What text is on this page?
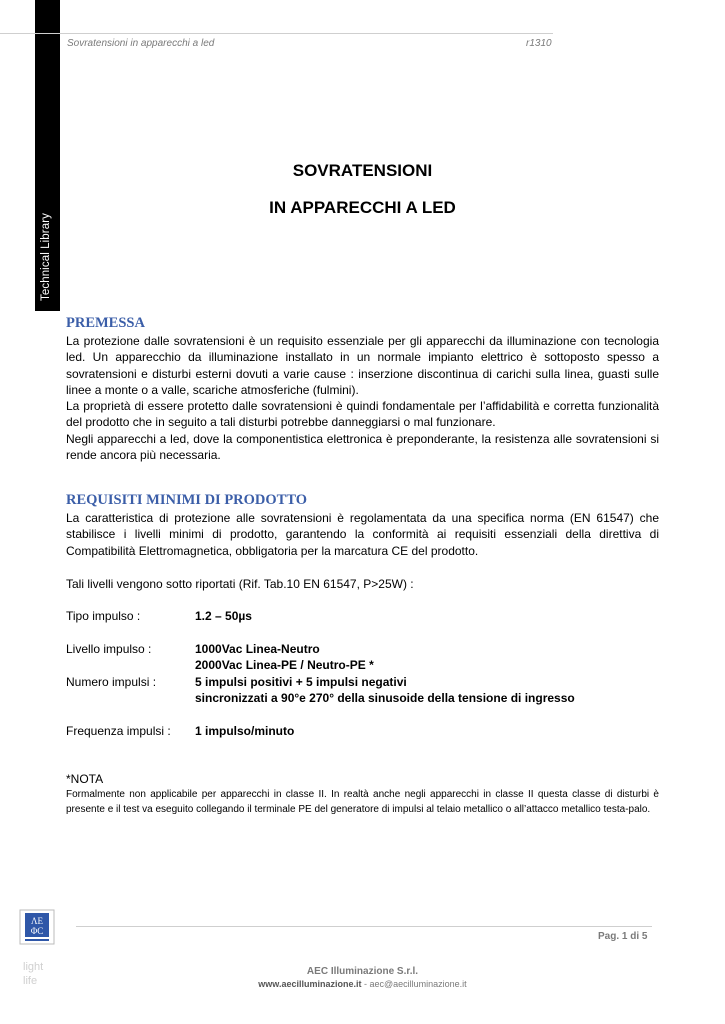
Technical Library
Sovratensioni in apparecchi a led	r1310
SOVRATENSIONI
IN APPARECCHI A LED
PREMESSA

La protezione dalle sovratensioni è un requisito essenziale per gli apparecchi da illuminazione con tecnologia led. Un apparecchio da illuminazione installato in un normale impianto elettrico è sottoposto spesso a sovratensioni e disturbi esterni dovuti a varie cause : inserzione discontinua di carichi sulla linea, guasti sulle linee a monte o a valle, scariche atmosferiche (fulmini).

La proprietà di essere protetto dalle sovratensioni è quindi fondamentale per l’affidabilità e corretta funzionalità del prodotto che in seguito a tali disturbi potrebbe danneggiarsi o mal funzionare.

Negli apparecchi a led, dove la componentistica elettronica è preponderante, la resistenza alle sovratensioni si rende ancora più necessaria.

REQUISITI MINIMI DI PRODOTTO
La caratteristica di protezione alle sovratensioni è regolamentata da una specifica norma (EN 61547) che stabilisce i livelli minimi di prodotto, garantendo la conformità ai requisiti essenziali della direttiva di Compatibilità Elettromagnetica, obbligatoria per la marcatura CE del prodotto.
Tali livelli vengono sotto riportati (Rif. Tab.10 EN 61547, P>25W) :
Tipo impulso :	1.2 – 50µs
Livello impulso :	1000Vac Linea-Neutro
2000Vac Linea-PE / Neutro-PE *
Numero impulsi :	5 impulsi positivi + 5 impulsi negativi
sincronizzati a 90°e 270° della sinusoide della tensione di ingresso
Frequenza impulsi : 1 impulso/minuto
*NOTA
Formalmente non applicabile per apparecchi in classe II. In realtà anche negli apparecchi in classe II questa classe di disturbi è presente e il test va eseguito collegando il terminale PE del generatore di impulsi al telaio metallico o all’attacco metallico testa-palo.
ΛΕ
ΦC
light
life
Pag. 1 di 5
AEC Illuminazione S.r.l.
www.aecilluminazione.it - aec@aecilluminazione.it
